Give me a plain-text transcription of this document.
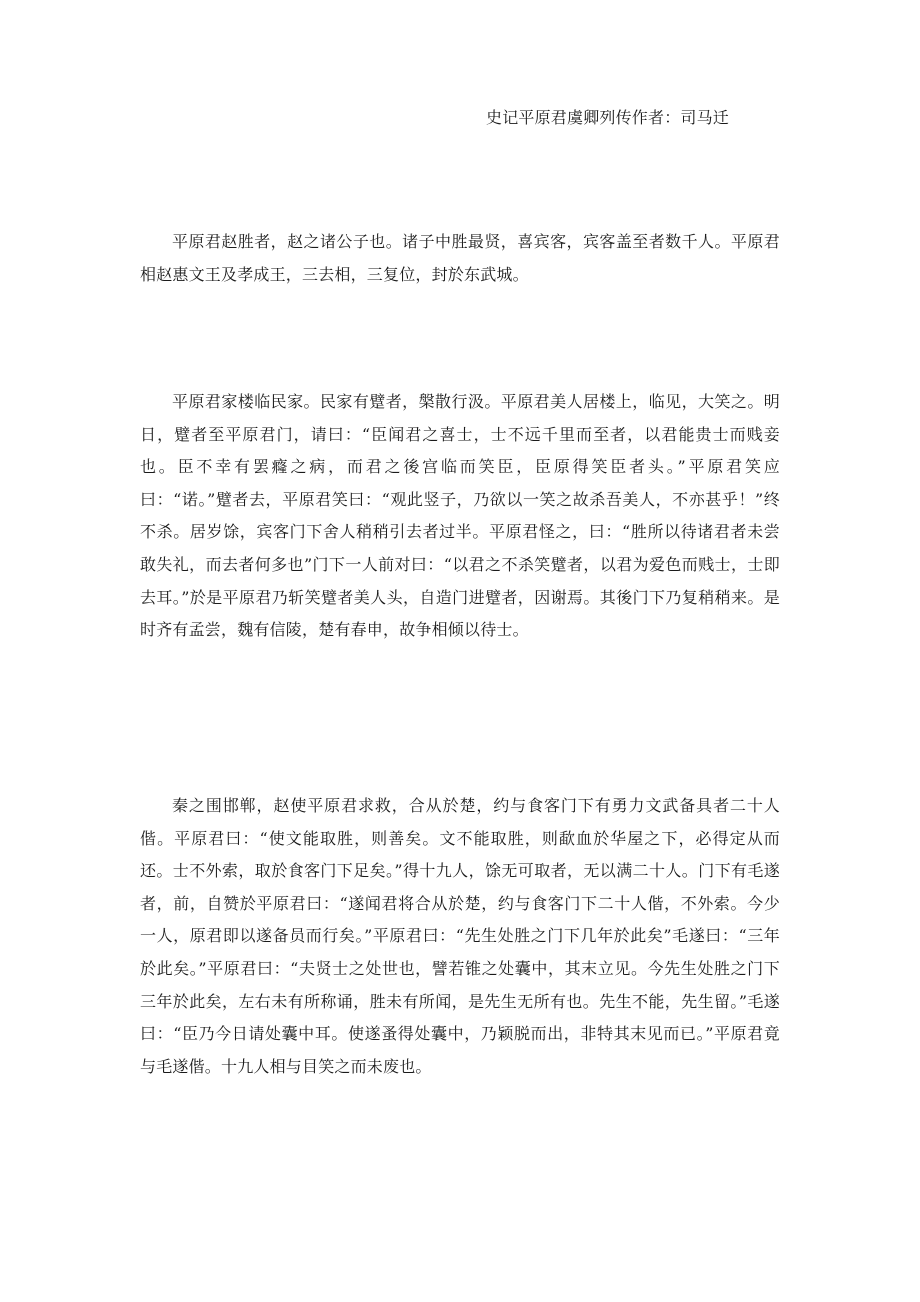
史记平原君虞卿列传作者：司马迁

平原君赵胜者，赵之诸公子也。诸子中胜最贤，喜宾客，宾客盖至者数千人。平原君相赵惠文王及孝成王，三去相，三复位，封於东武城。

平原君家楼临民家。民家有躄者，槃散行汲。平原君美人居楼上，临见，大笑之。明日，躄者至平原君门，请曰：“臣闻君之喜士，士不远千里而至者，以君能贵士而贱妾也。臣不幸有罢癃之病，而君之後宫临而笑臣，臣原得笑臣者头。”平原君笑应曰：“诺。”躄者去，平原君笑曰：“观此竖子，乃欲以一笑之故杀吾美人，不亦甚乎！”终不杀。居岁馀，宾客门下舍人稍稍引去者过半。平原君怪之，曰：“胜所以待诸君者未尝敢失礼，而去者何多也”门下一人前对曰：“以君之不杀笑躄者，以君为爱色而贱士，士即去耳。”於是平原君乃斩笑躄者美人头，自造门进躄者，因谢焉。其後门下乃复稍稍来。是时齐有孟尝，魏有信陵，楚有春申，故争相倾以待士。

秦之围邯郸，赵使平原君求救，合从於楚，约与食客门下有勇力文武备具者二十人偕。平原君曰：“使文能取胜，则善矣。文不能取胜，则歃血於华屋之下，必得定从而还。士不外索，取於食客门下足矣。”得十九人，馀无可取者，无以满二十人。门下有毛遂者，前，自赞於平原君曰：“遂闻君将合从於楚，约与食客门下二十人偕，不外索。今少一人，原君即以遂备员而行矣。”平原君曰：“先生处胜之门下几年於此矣”毛遂曰：“三年於此矣。”平原君曰：“夫贤士之处世也，譬若锥之处囊中，其末立见。今先生处胜之门下三年於此矣，左右未有所称诵，胜未有所闻，是先生无所有也。先生不能，先生留。”毛遂曰：“臣乃今日请处囊中耳。使遂蚤得处囊中，乃颖脱而出，非特其末见而已。”平原君竟与毛遂偕。十九人相与目笑之而未废也。
